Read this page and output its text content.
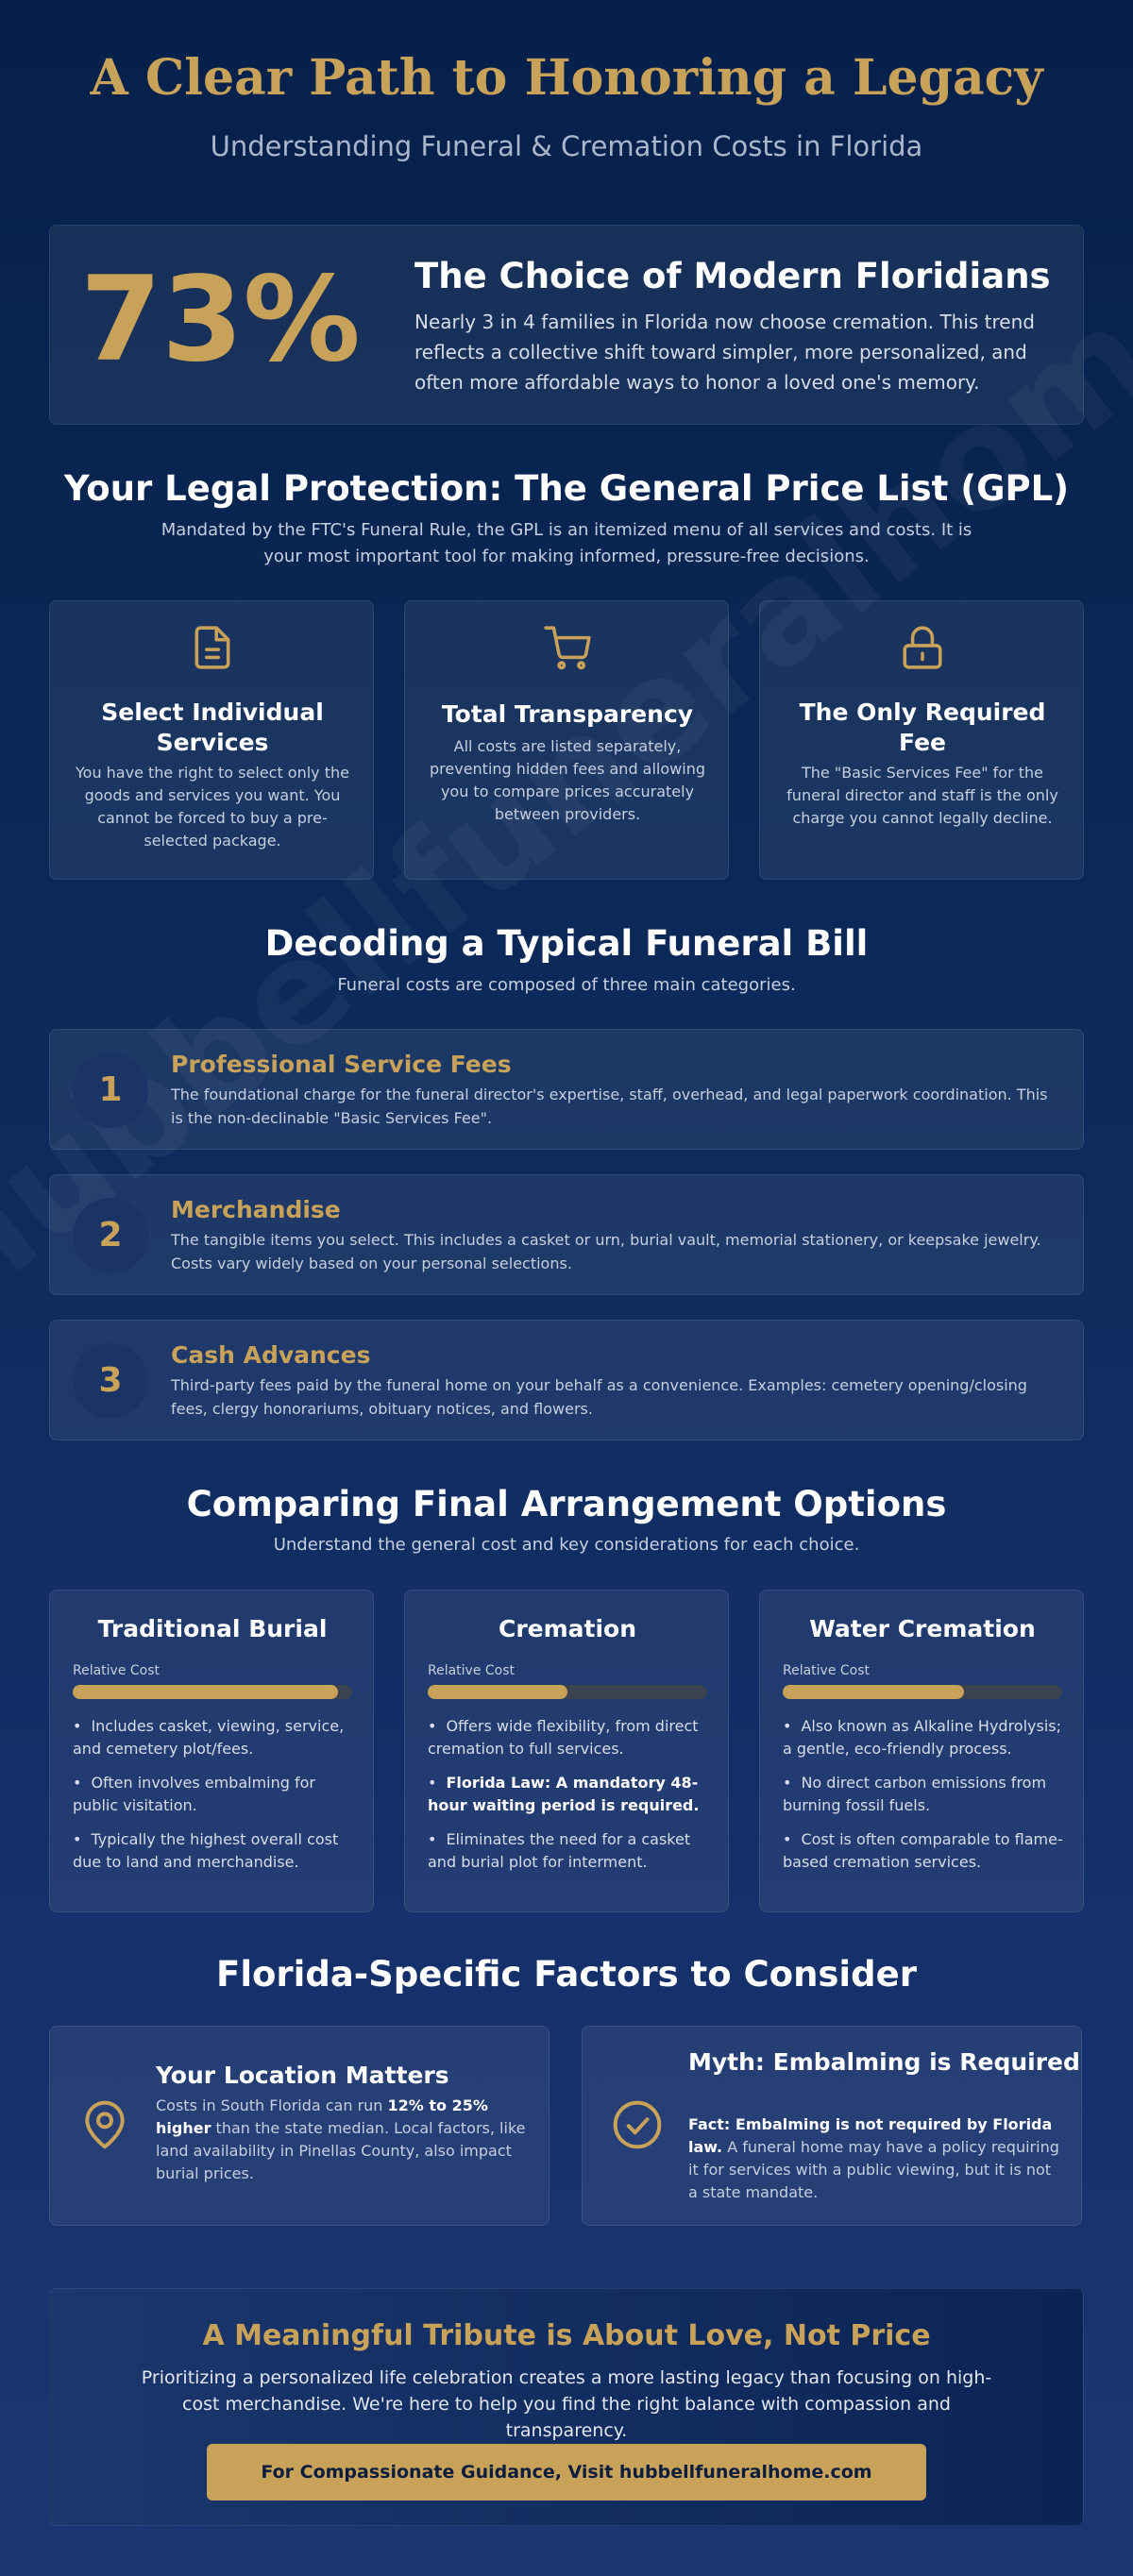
A Clear Path to Honoring a Legacy

Understanding Funeral & Cremation Costs in Florida

73%	The Choice of Modern Floridians

Nearly 3 in 4 families in Florida now choose cremation. This trend reflects a collective shift toward simpler, more personalized, and often more affordable ways to honor a loved one's memory.

Your Legal Protection: The General Price List (GPL)

Mandated by the FTC's Funeral Rule, the GPL is an itemized menu of all services and costs. It is your most important tool for making informed, pressure-free decisions.

Select Individual Services

You have the right to select only the goods and services you want. You cannot be forced to buy a pre-selected package.

Total Transparency

All costs are listed separately, preventing hidden fees and allowing you to compare prices accurately between providers.

The Only Required Fee

The "Basic Services Fee" for the funeral director and staff is the only charge you cannot legally decline.

Decoding a Typical Funeral Bill

Funeral costs are composed of three main categories.

1
Professional Service Fees

The foundational charge for the funeral director's expertise, staff, overhead, and legal paperwork coordination. This is the non-declinable "Basic Services Fee".

2
Merchandise

The tangible items you select. This includes a casket or urn, burial vault, memorial stationery, or keepsake jewelry. Costs vary widely based on your personal selections.

3
Cash Advances

Third-party fees paid by the funeral home on your behalf as a convenience. Examples: cemetery opening/closing fees, clergy honorariums, obituary notices, and flowers.

Comparing Final Arrangement Options

Understand the general cost and key considerations for each choice.

Traditional Burial
Relative Cost
• Includes casket, viewing, service, and cemetery plot/fees.
• Often involves embalming for public visitation.
• Typically the highest overall cost due to land and merchandise.
Cremation
Relative Cost
• Offers wide flexibility, from direct cremation to full services.
• Florida Law: A mandatory 48-hour waiting period is required.
• Eliminates the need for a casket and burial plot for interment.
Water Cremation
Relative Cost
• Also known as Alkaline Hydrolysis; a gentle, eco-friendly process.
• No direct carbon emissions from burning fossil fuels.
• Cost is often comparable to flame-based cremation services.
Florida-Specific Factors to Consider
Your Location Matters

Costs in South Florida can run 12% to 25% higher than the state median. Local factors, like land availability in Pinellas County, also impact burial prices.

Myth: Embalming is Required

Fact: Embalming is not required by Florida law. A funeral home may have a policy requiring it for services with a public viewing, but it is not a state mandate.

A Meaningful Tribute is About Love, Not Price

Prioritizing a personalized life celebration creates a more lasting legacy than focusing on high-cost merchandise. We're here to help you find the right balance with compassion and transparency.

For Compassionate Guidance, Visit hubbellfuneralhome.com
